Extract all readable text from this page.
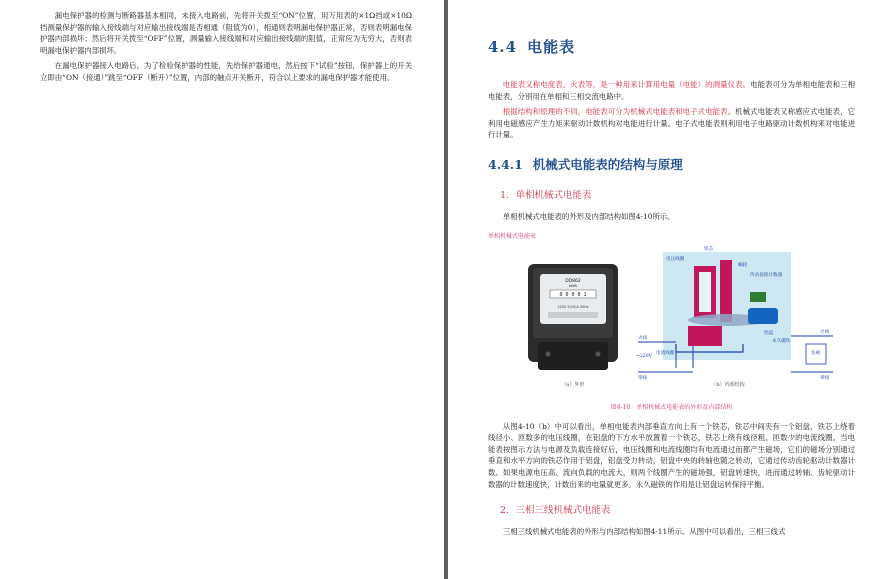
漏电保护器的检测与断路器基本相同，未接入电路前，先将开关拨至“ON”位置，用万用表的×1Ω挡或×10Ω挡测量保护器的输入接线端与对应输出接线端是否相通（阻值为0），相通则表明漏电保护器正常，否则表明漏电保护器内部损坏；然后将开关拨至“OFF”位置，测量输入接线端和对应输出接线端的阻值，正常应为无穷大，否则表明漏电保护器内部损坏。

在漏电保护器接入电路后，为了检验保护器的性能，先给保护器通电，然后按下“试验”按钮，保护器上的开关立即由“ON（接通）”跳至“OFF（断开）”位置，内部的触点开关断开，符合以上要求的漏电保护器才能使用。

4.4 电能表

电能表又称电度表、火表等，是一种用来计算用电量（电能）的测量仪表。电能表可分为单相电能表和三相电能表，分别用在单相和三相交流电路中。

根据结构和原理的不同，电能表可分为机械式电能表和电子式电能表。机械式电能表又称感应式电能表，它利用电磁感应产生力矩来驱动计数机构对电能进行计量。电子式电能表则利用电子电路驱动计数机构来对电能进行计量。

4.4.1 机械式电能表的结构与原理
1．单相机械式电能表

单相机械式电能表的外形及内部结构如图4-10所示。

单相机械式电能表
0 0 0 0 1
DD862
kWh
220V 5(20)A 50Hz
（a）外形	（b）内部结构
铁芯
电压线圈
蜗轮
传动齿轮计数器
电流线圈
铝盘
永久磁铁
火线
~220V
零线
火线
负载
零线
图4-10　单相机械式电能表的外形及内部结构

从图4-10（b）中可以看出，单相电能表内部垂直方向上有一个铁芯，铁芯中间夹有一个铝盘，铁芯上绕着线径小、匝数多的电压线圈，在铝盘的下方水平放置着一个铁芯，铁芯上绕有线径粗、匝数少的电流线圈。当电能表按图示方法与电源及负载连接好后，电压线圈和电流线圈均有电流通过而都产生磁场，它们的磁场分别通过垂直和水平方向的铁芯作用于铝盘，铝盘受力转动，铝盘中央的转轴也随之转动，它通过传动齿轮驱动计数器计数。如果电源电压高、流向负载的电流大，则两个线圈产生的磁场强，铝盘转速快，进而通过转轴、齿轮驱动计数器的计数速度快，计数出来的电量就更多。永久磁铁的作用是让铝盘运转保持平衡。

2．三相三线机械式电能表

三相三线机械式电能表的外形与内部结构如图4-11所示。从图中可以看出，三相三线式
